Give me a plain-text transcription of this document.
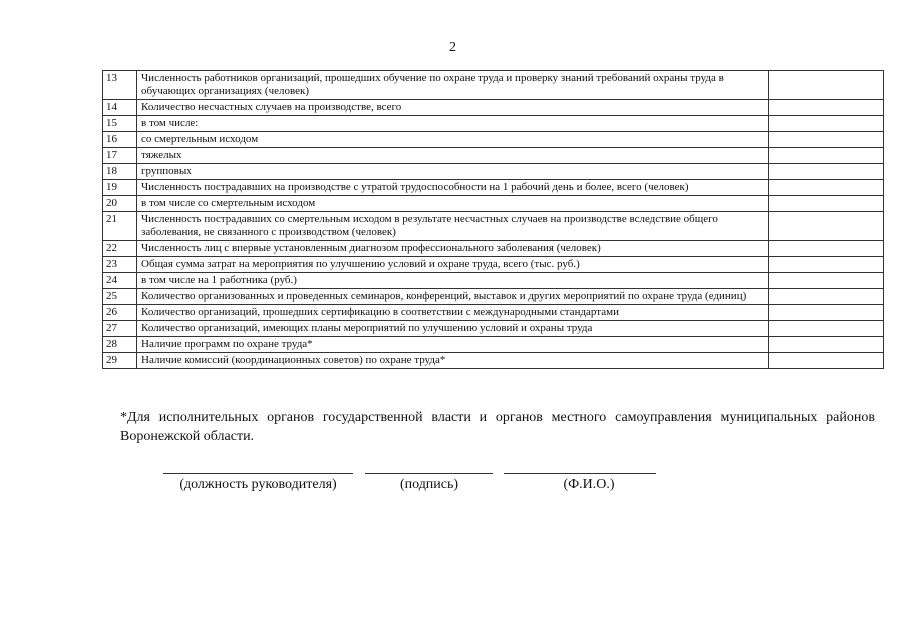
2
13	Численность работников организаций, прошедших обучение по охране труда и проверку знаний требований охраны труда в обучающих организациях (человек)	
14	Количество несчастных случаев на производстве, всего	
15	в том числе:	
16	со смертельным исходом	
17	тяжелых	
18	групповых	
19	Численность пострадавших на производстве с утратой трудоспособности на 1 рабочий день и более, всего (человек)	
20	в том числе со смертельным исходом	
21	Численность пострадавших со смертельным исходом в результате несчастных случаев на производстве вследствие общего заболевания, не связанного с производством (человек)	
22	Численность лиц с впервые установленным диагнозом профессионального заболевания (человек)	
23	Общая сумма затрат на мероприятия по улучшению условий и охране труда, всего (тыс. руб.)	
24	в том числе на 1 работника (руб.)	
25	Количество организованных и проведенных семинаров, конференций, выставок и других мероприятий по охране труда (единиц)	
26	Количество организаций, прошедших сертификацию в соответствии с международными стандартами	
27	Количество организаций, имеющих планы мероприятий по улучшению условий и охраны труда	
28	Наличие программ по охране труда*	
29	Наличие комиссий (координационных советов) по охране труда*	
*Для исполнительных органов государственной власти и органов местного самоуправления муниципальных районов Воронежской области.
(должность руководителя)	(подпись)	(Ф.И.О.)
